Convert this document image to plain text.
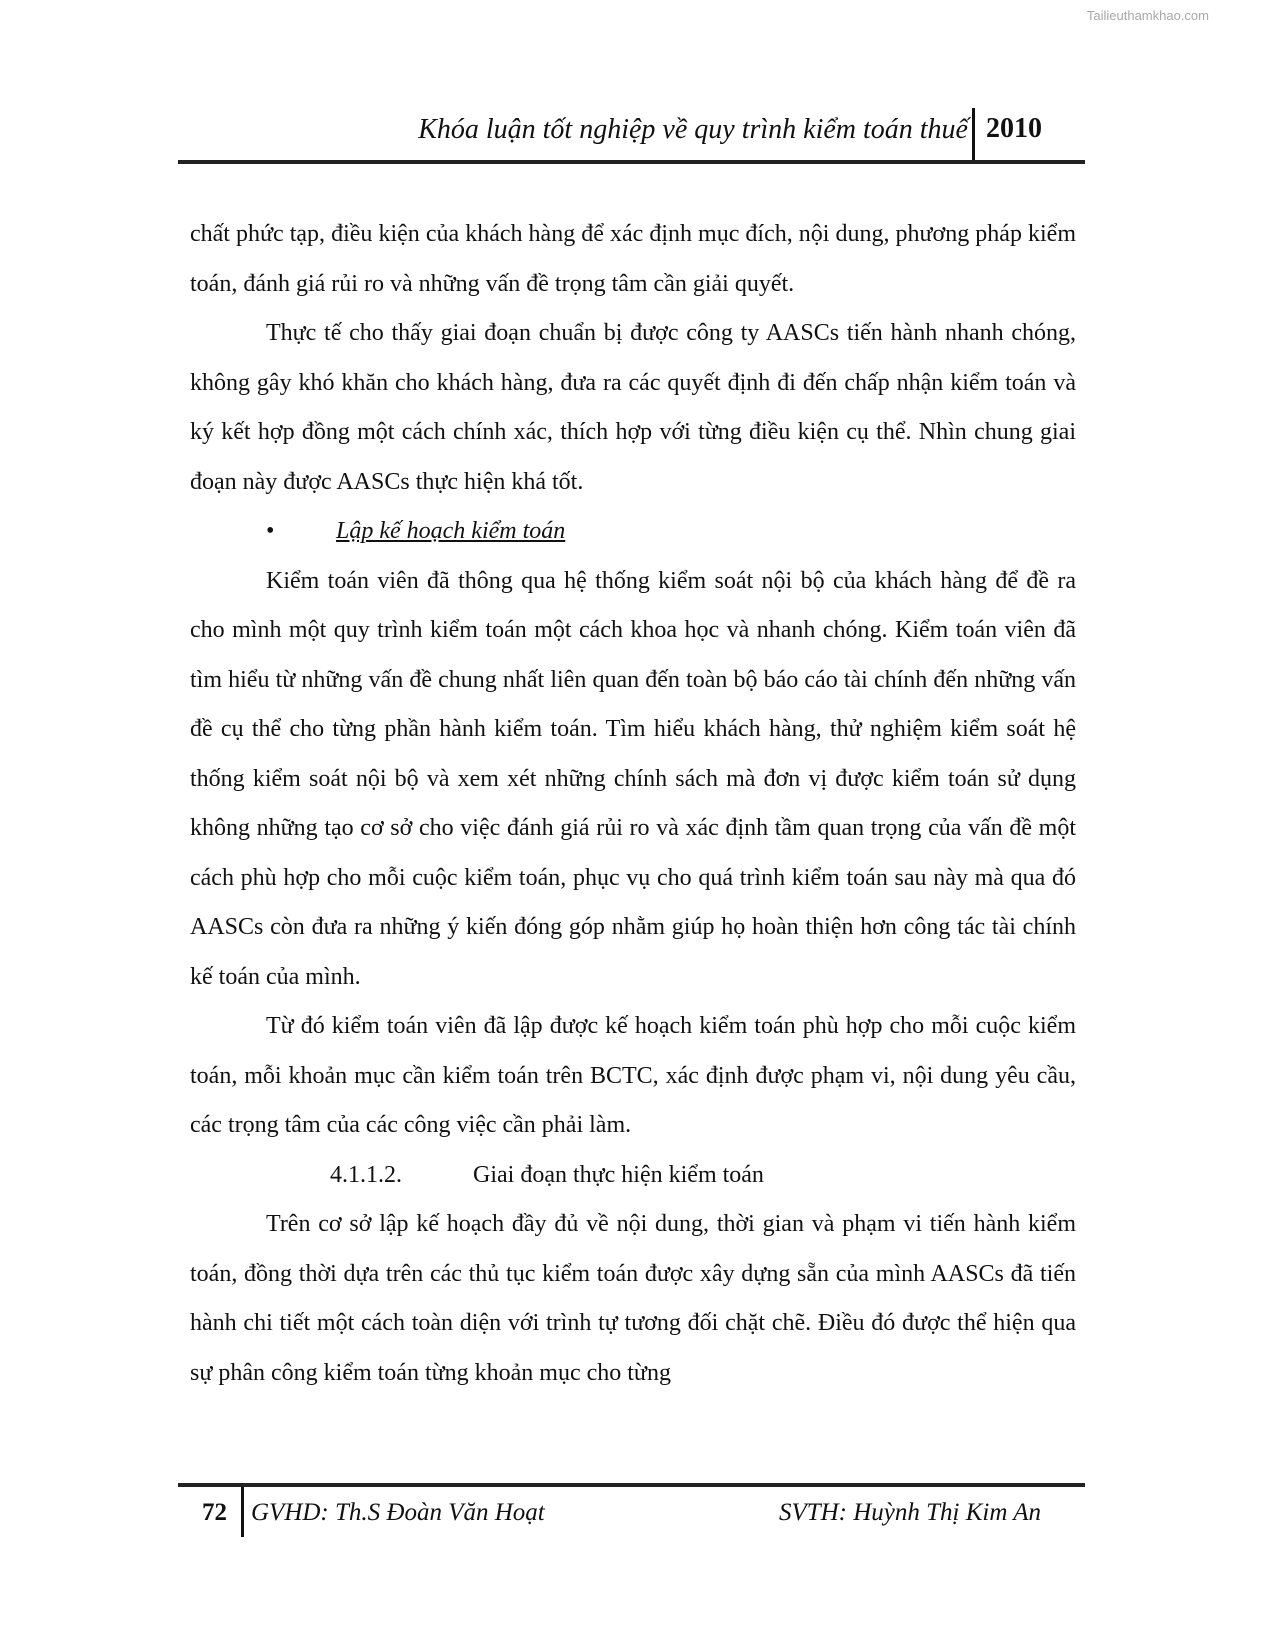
Tailieuthamkhao.com
Khóa luận tốt nghiệp về quy trình kiểm toán thuế 2010

chất phức tạp, điều kiện của khách hàng để xác định mục đích, nội dung, phương pháp kiểm toán, đánh giá rủi ro và những vấn đề trọng tâm cần giải quyết.

Thực tế cho thấy giai đoạn chuẩn bị được công ty AASCs tiến hành nhanh chóng, không gây khó khăn cho khách hàng, đưa ra các quyết định đi đến chấp nhận kiểm toán và ký kết hợp đồng một cách chính xác, thích hợp với từng điều kiện cụ thể. Nhìn chung giai đoạn này được AASCs thực hiện khá tốt.

•	Lập kế hoạch kiểm toán

Kiểm toán viên đã thông qua hệ thống kiểm soát nội bộ của khách hàng để đề ra cho mình một quy trình kiểm toán một cách khoa học và nhanh chóng. Kiểm toán viên đã tìm hiểu từ những vấn đề chung nhất liên quan đến toàn bộ báo cáo tài chính đến những vấn đề cụ thể cho từng phần hành kiểm toán. Tìm hiểu khách hàng, thử nghiệm kiểm soát hệ thống kiểm soát nội bộ và xem xét những chính sách mà đơn vị được kiểm toán sử dụng không những tạo cơ sở cho việc đánh giá rủi ro và xác định tầm quan trọng của vấn đề một cách phù hợp cho mỗi cuộc kiểm toán, phục vụ cho quá trình kiểm toán sau này mà qua đó AASCs còn đưa ra những ý kiến đóng góp nhằm giúp họ hoàn thiện hơn công tác tài chính kế toán của mình.

Từ đó kiểm toán viên đã lập được kế hoạch kiểm toán phù hợp cho mỗi cuộc kiểm toán, mỗi khoản mục cần kiểm toán trên BCTC, xác định được phạm vi, nội dung yêu cầu, các trọng tâm của các công việc cần phải làm.

4.1.1.2.	Giai đoạn thực hiện kiểm toán

Trên cơ sở lập kế hoạch đầy đủ về nội dung, thời gian và phạm vi tiến hành kiểm toán, đồng thời dựa trên các thủ tục kiểm toán được xây dựng sẵn của mình AASCs đã tiến hành chi tiết một cách toàn diện với trình tự tương đối chặt chẽ. Điều đó được thể hiện qua sự phân công kiểm toán từng khoản mục cho từng

72 GVHD: Th.S Đoàn Văn Hoạt	SVTH: Huỳnh Thị Kim An
